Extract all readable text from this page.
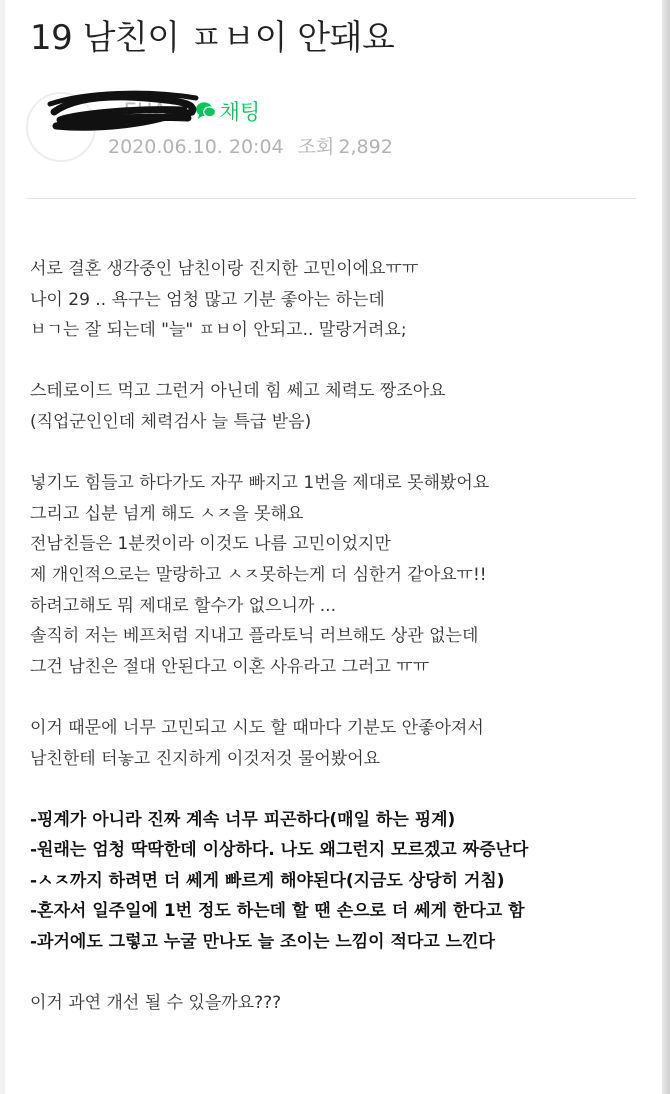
19 남친이 ㅍㅂ이 안돼요
~EHA~ 채팅
2020.06.10. 20:04 조회 2,892
서로 결혼 생각중인 남친이랑 진지한 고민이에요ㅠㅠ
나이 29 .. 욕구는 엄청 많고 기분 좋아는 하는데
ㅂㄱ는 잘 되는데 "늘" ㅍㅂ이 안되고.. 말랑거려요;
스테로이드 먹고 그런거 아닌데 힘 쎄고 체력도 짱조아요
(직업군인인데 체력검사 늘 특급 받음)
넣기도 힘들고 하다가도 자꾸 빠지고 1번을 제대로 못해봤어요
그리고 십분 넘게 해도 ㅅㅈ을 못해요
전남친들은 1분컷이라 이것도 나름 고민이었지만
제 개인적으로는 말랑하고 ㅅㅈ못하는게 더 심한거 같아요ㅠ!!
하려고해도 뭐 제대로 할수가 없으니까 ...
솔직히 저는 베프처럼 지내고 플라토닉 러브해도 상관 없는데
그건 남친은 절대 안된다고 이혼 사유라고 그러고 ㅠㅠ
이거 때문에 너무 고민되고 시도 할 때마다 기분도 안좋아져서
남친한테 터놓고 진지하게 이것저것 물어봤어요
-핑계가 아니라 진짜 계속 너무 피곤하다(매일 하는 핑계)
-원래는 엄청 딱딱한데 이상하다. 나도 왜그런지 모르겠고 짜증난다
-ㅅㅈ까지 하려면 더 쎄게 빠르게 해야된다(지금도 상당히 거침)
-혼자서 일주일에 1번 정도 하는데 할 땐 손으로 더 쎄게 한다고 함
-과거에도 그렇고 누굴 만나도 늘 조이는 느낌이 적다고 느낀다
이거 과연 개선 될 수 있을까요???
